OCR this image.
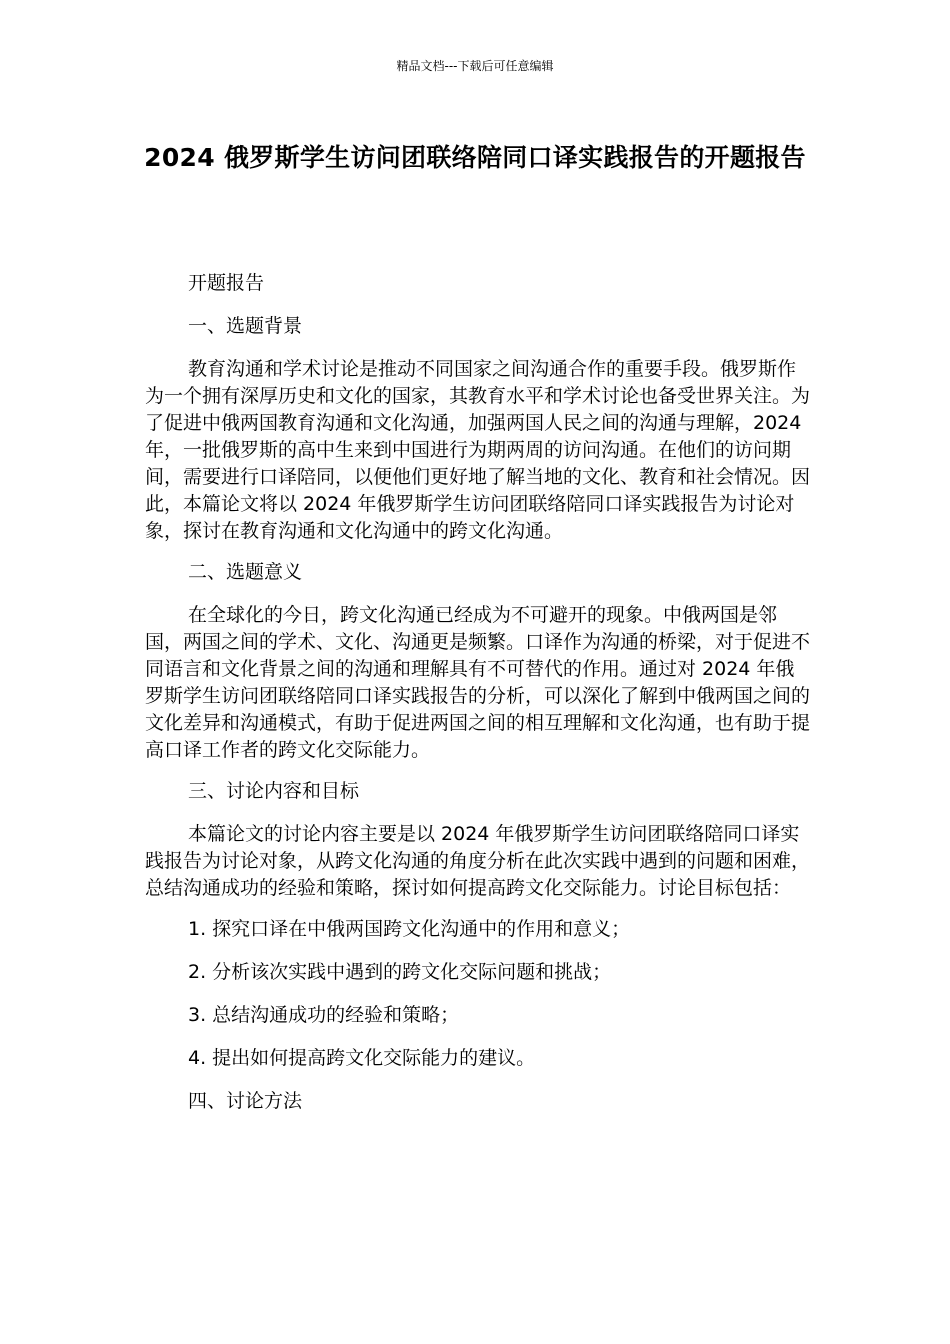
精品文档---下载后可任意编辑
2024 俄罗斯学生访问团联络陪同口译实践报告的开题报告

开题报告

一、选题背景

教育沟通和学术讨论是推动不同国家之间沟通合作的重要手段。俄罗斯作为一个拥有深厚历史和文化的国家，其教育水平和学术讨论也备受世界关注。为了促进中俄两国教育沟通和文化沟通，加强两国人民之间的沟通与理解，2024 年，一批俄罗斯的高中生来到中国进行为期两周的访问沟通。在他们的访问期间，需要进行口译陪同，以便他们更好地了解当地的文化、教育和社会情况。因此，本篇论文将以 2024 年俄罗斯学生访问团联络陪同口译实践报告为讨论对象，探讨在教育沟通和文化沟通中的跨文化沟通。

二、选题意义

在全球化的今日，跨文化沟通已经成为不可避开的现象。中俄两国是邻国，两国之间的学术、文化、沟通更是频繁。口译作为沟通的桥梁，对于促进不同语言和文化背景之间的沟通和理解具有不可替代的作用。通过对 2024 年俄罗斯学生访问团联络陪同口译实践报告的分析，可以深化了解到中俄两国之间的文化差异和沟通模式，有助于促进两国之间的相互理解和文化沟通，也有助于提高口译工作者的跨文化交际能力。

三、讨论内容和目标

本篇论文的讨论内容主要是以 2024 年俄罗斯学生访问团联络陪同口译实践报告为讨论对象，从跨文化沟通的角度分析在此次实践中遇到的问题和困难，总结沟通成功的经验和策略，探讨如何提高跨文化交际能力。讨论目标包括：

1. 探究口译在中俄两国跨文化沟通中的作用和意义；

2. 分析该次实践中遇到的跨文化交际问题和挑战；

3. 总结沟通成功的经验和策略；

4. 提出如何提高跨文化交际能力的建议。

四、讨论方法
